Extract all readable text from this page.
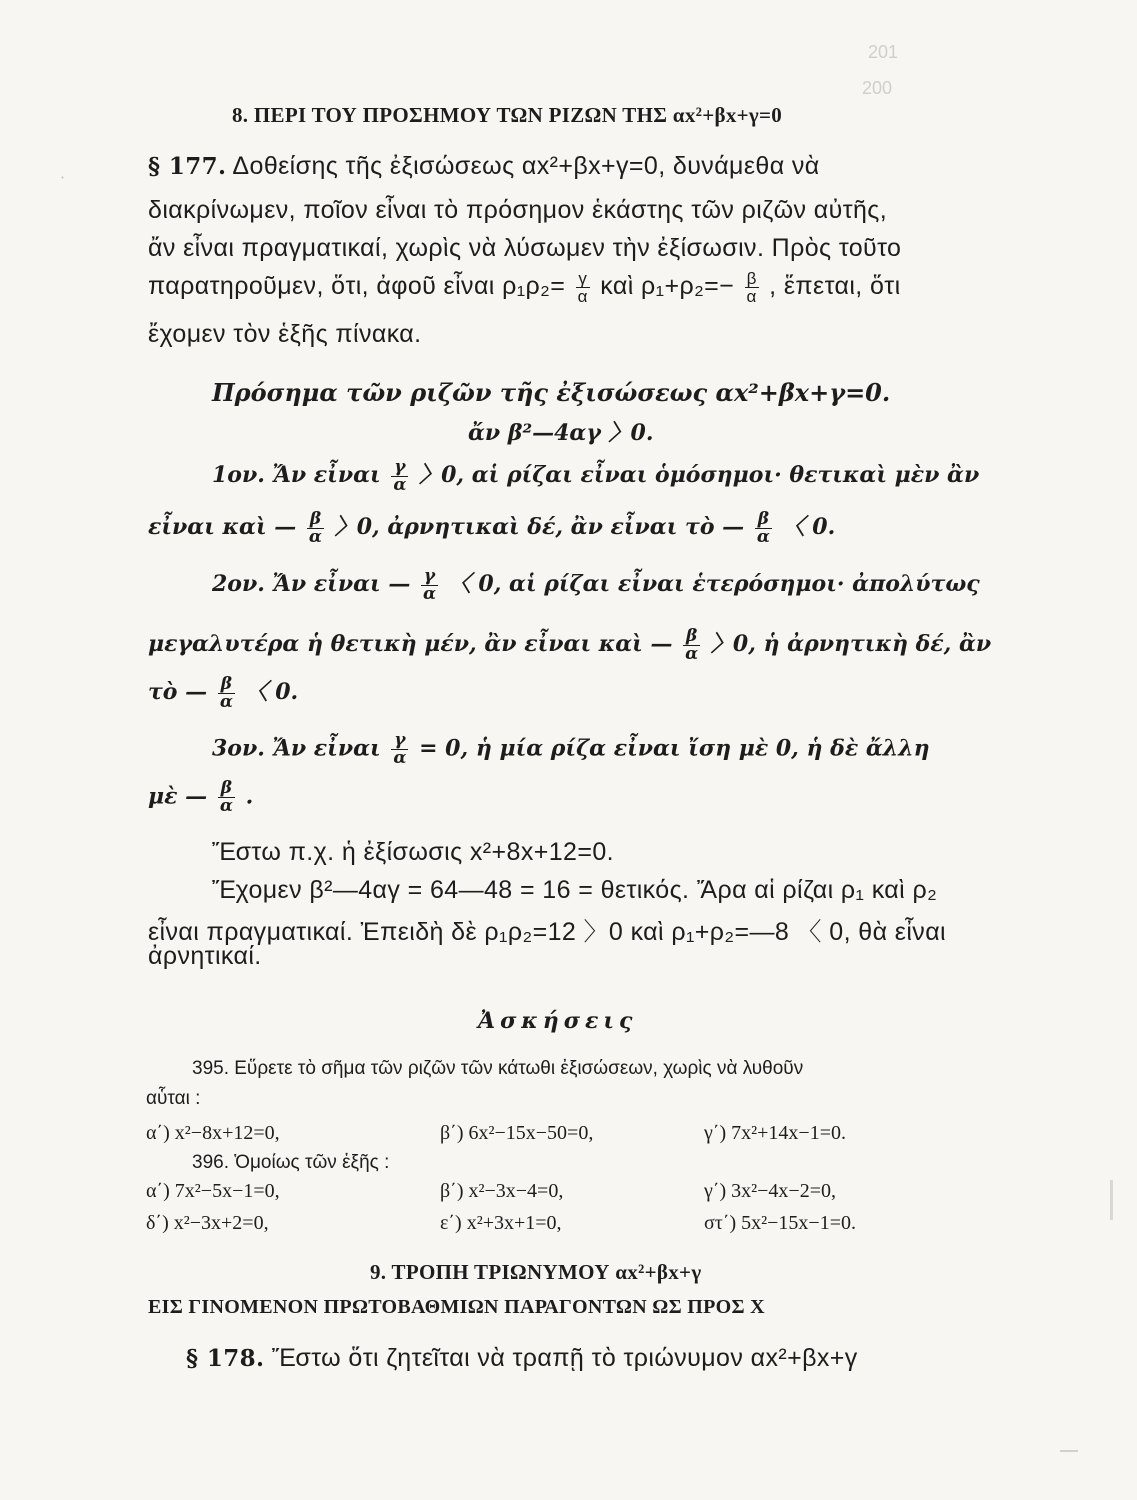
201
200
·
8. ΠΕΡΙ ΤΟΥ ΠΡΟΣΗΜΟΥ ΤΩΝ ΡΙΖΩΝ ΤΗΣ αx²+βx+γ=0
§ 177. Δοθείσης τῆς ἐξισώσεως αx²+βx+γ=0, δυνάμεθα νὰ
διακρίνωμεν, ποῖον εἶναι τὸ πρόσημον ἑκάστης τῶν ριζῶν αὐτῆς,
ἄν εἶναι πραγματικαί, χωρὶς νὰ λύσωμεν τὴν ἐξίσωσιν. Πρὸς τοῦτο
παρατηροῦμεν, ὅτι, ἀφοῦ εἶναι $\rho_1\rho_2= \frac{\gamma}{\alpha}$ καὶ $\rho_1+\rho_2=- \frac{\beta}{\alpha}$ , ἕπεται, ὅτι
ἔχομεν τὸν ἑξῆς πίνακα.
Πρόσημα τῶν ριζῶν τῆς ἐξισώσεως αx²+βx+γ=0.
ἄν β²—4αγ 〉0.
1ον. Ἄν εἶναι $\frac{\gamma}{\alpha}$ 〉0, αἱ ρίζαι εἶναι ὁμόσημοι· θετικαὶ μὲν ἂν
εἶναι καὶ — $\frac{\beta}{\alpha}$ 〉0, ἀρνητικαὶ δέ, ἂν εἶναι τὸ — $\frac{\beta}{\alpha}$ 〈 0.
2ον. Ἄν εἶναι — $\frac{\gamma}{\alpha}$ 〈 0, αἱ ρίζαι εἶναι ἑτερόσημοι· ἀπολύτως
μεγαλυτέρα ἡ θετικὴ μέν, ἂν εἶναι καὶ — $\frac{\beta}{\alpha}$ 〉0, ἡ ἀρνητικὴ δέ, ἂν
τὸ — $\frac{\beta}{\alpha}$ 〈 0.
3ον. Ἄν εἶναι $\frac{\gamma}{\alpha} = 0$, ἡ μία ρίζα εἶναι ἴση μὲ 0, ἡ δὲ ἄλλη
μὲ — $\frac{\beta}{\alpha}$ .
Ἔστω π.χ. ἡ ἐξίσωσις x²+8x+12=0.
Ἔχομεν β²—4αγ = 64—48 = 16 = θετικός. Ἄρα αἱ ρίζαι ρ₁ καὶ ρ₂
εἶναι πραγματικαί. Ἐπειδὴ δὲ ρ₁ρ₂=12 〉0 καὶ ρ₁+ρ₂=—8 〈 0, θὰ εἶναι
ἀρνητικαί.
Ἀσκήσεις
395. Εὕρετε τὸ σῆμα τῶν ριζῶν τῶν κάτωθι ἐξισώσεων, χωρὶς νὰ λυθοῦν
αὗται :
α΄) x²−8x+12=0,	β΄) 6x²−15x−50=0,	γ΄) 7x²+14x−1=0.
396. Ὁμοίως τῶν ἑξῆς :
α΄) 7x²−5x−1=0,	β΄) x²−3x−4=0,	γ΄) 3x²−4x−2=0,
δ΄) x²−3x+2=0,	ε΄) x²+3x+1=0,	στ΄) 5x²−15x−1=0.
9. ΤΡΟΠΗ ΤΡΙΩΝΥΜΟΥ αx²+βx+γ
ΕΙΣ ΓΙΝΟΜΕΝΟΝ ΠΡΩΤΟΒΑΘΜΙΩΝ ΠΑΡΑΓΟΝΤΩΝ ΩΣ ΠΡΟΣ Χ
§ 178. Ἔστω ὅτι ζητεῖται νὰ τραπῇ τὸ τριώνυμον αx²+βx+γ
